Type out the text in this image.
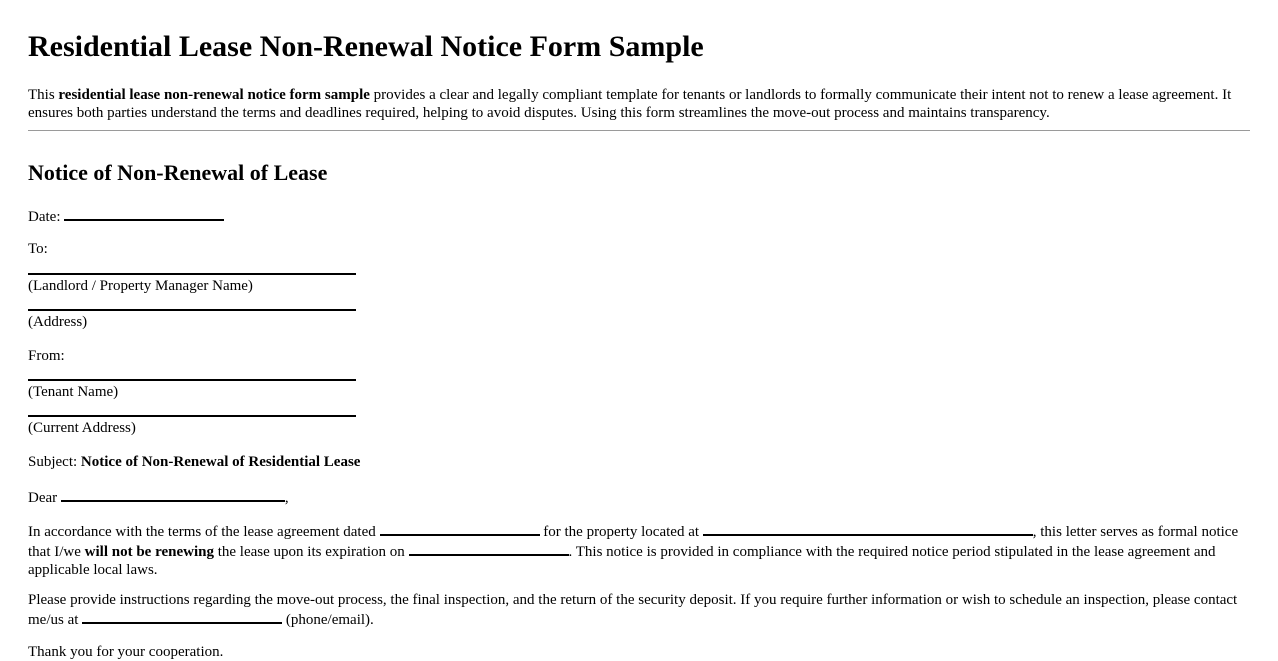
Residential Lease Non-Renewal Notice Form Sample

This residential lease non-renewal notice form sample provides a clear and legally compliant template for tenants or landlords to formally communicate their intent not to renew a lease agreement. It ensures both parties understand the terms and deadlines required, helping to avoid disputes. Using this form streamlines the move-out process and maintains transparency.

Notice of Non-Renewal of Lease

Date:

To:

(Landlord / Property Manager Name)

(Address)

From:

(Tenant Name)

(Current Address)

Subject: Notice of Non-Renewal of Residential Lease

Dear	,

In accordance with the terms of the lease agreement dated	for the property located at	, this letter serves as formal notice that I/we will not be renewing the lease upon its expiration on	. This notice is provided in compliance with the required notice period stipulated in the lease agreement and applicable local laws.

Please provide instructions regarding the move-out process, the final inspection, and the return of the security deposit. If you require further information or wish to schedule an inspection, please contact me/us at	(phone/email).

Thank you for your cooperation.
